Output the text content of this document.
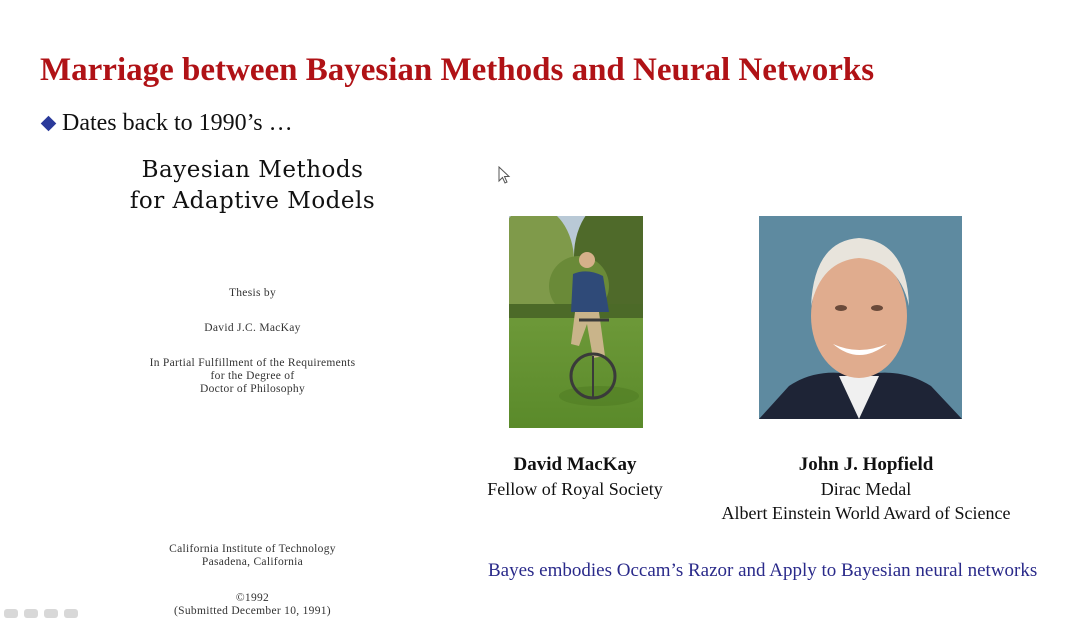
Marriage between Bayesian Methods and Neural Networks
Dates back to 1990’s …
Bayesian Methods
for Adaptive Models
Thesis by
David J.C. MacKay
In Partial Fulfillment of the Requirements
for the Degree of
Doctor of Philosophy
California Institute of Technology
Pasadena, California
©1992
(Submitted December 10, 1991)
David MacKay
Fellow of Royal Society
John J. Hopfield
Dirac Medal
Albert Einstein World Award of Science
Bayes embodies Occam’s Razor and Apply to Bayesian neural networks
